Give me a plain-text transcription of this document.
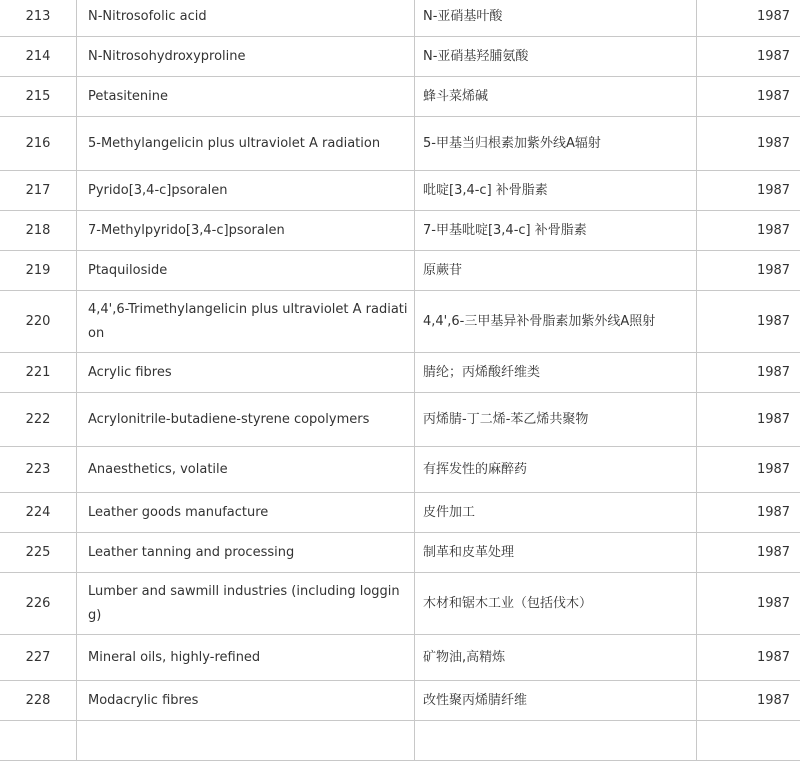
213	N-Nitrosofolic acid	N-亚硝基叶酸	1987
214	N-Nitrosohydroxyproline	N-亚硝基羟脯氨酸	1987
215	Petasitenine	蜂斗菜烯碱	1987
216	5-Methylangelicin plus ultraviolet A radiation	5-甲基当归根素加紫外线A辐射	1987
217	Pyrido[3,4-c]psoralen	吡啶[3,4-c] 补骨脂素	1987
218	7-Methylpyrido[3,4-c]psoralen	7-甲基吡啶[3,4-c] 补骨脂素	1987
219	Ptaquiloside	原蕨苷	1987
220	4,4',6-Trimethylangelicin plus ultraviolet A radiation	4,4',6-三甲基异补骨脂素加紫外线A照射	1987
221	Acrylic fibres	腈纶；丙烯酸纤维类	1987
222	Acrylonitrile-butadiene-styrene copolymers	丙烯腈-丁二烯-苯乙烯共聚物	1987
223	Anaesthetics, volatile	有挥发性的麻醉药	1987
224	Leather goods manufacture	皮件加工	1987
225	Leather tanning and processing	制革和皮革处理	1987
226	Lumber and sawmill industries (including logging)	木材和锯木工业（包括伐木）	1987
227	Mineral oils, highly-refined	矿物油,高精炼	1987
228	Modacrylic fibres	改性聚丙烯腈纤维	1987
